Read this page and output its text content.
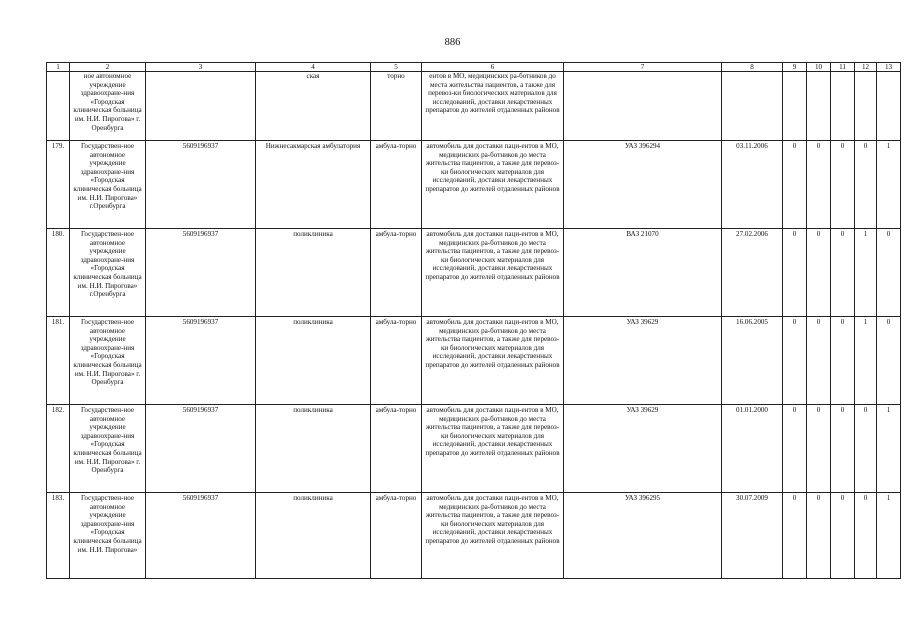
886
1	2	3	4	5	6	7	8	9	10	11	12	13
	ное автономное учреждение здравоохране-ния «Городская клиническая больница им. Н.И. Пирогова» г. Оренбурга		ская	торно	ентов в МО, медицинских ра-ботников до места жительства пациентов, а также для перевоз-ки биологических материалов для исследований, доставки лекарственных препаратов до жителей отдаленных районов							
179.	Государствен-ное автономное учреждение здравоохране-ния «Городская клиническая больница им. Н.И. Пирогова» г.Оренбурга	5609196937	Нижнесакмарская амбулатория	амбула-торно	автомобиль для доставки паци-ентов в МО, медицинских ра-ботников до места жительства пациентов, а также для перевоз-ки биологических материалов для исследований, доставки лекарственных препаратов до жителей отдаленных районов	УАЗ 396294	03.11.2006	0	0	0	0	1
180.	Государствен-ное автономное учреждение здравоохране-ния «Городская клиническая больница им. Н.И. Пирогова» г.Оренбурга	5609196937	поликлиника	амбула-торно	автомобиль для доставки паци-ентов в МО, медицинских ра-ботников до места жительства пациентов, а также для перевоз-ки биологических материалов для исследований, доставки лекарственных препаратов до жителей отдаленных районов	ВАЗ 21070	27.02.2006	0	0	0	1	0
181.	Государствен-ное автономное учреждение здравоохране-ния «Городская клиническая больница им. Н.И. Пирогова» г. Оренбурга	5609196937	поликлиника	амбула-торно	автомобиль для доставки паци-ентов в МО, медицинских ра-ботников до места жительства пациентов, а также для перевоз-ки биологических материалов для исследований, доставки лекарственных препаратов до жителей отдаленных районов	УАЗ 39629	16.06.2005	0	0	0	1	0
182.	Государствен-ное автономное учреждение здравоохране-ния «Городская клиническая больница им. Н.И. Пирогова» г. Оренбурга	5609196937	поликлиника	амбула-торно	автомобиль для доставки паци-ентов в МО, медицинских ра-ботников до места жительства пациентов, а также для перевоз-ки биологических материалов для исследований, доставки лекарственных препаратов до жителей отдаленных районов	УАЗ 39629	01.01.2000	0	0	0	0	1
183.	Государствен-ное автономное учреждение здравоохране-ния «Городская клиническая больница им. Н.И. Пирогова»	5609196937	поликлиника	амбула-торно	автомобиль для доставки паци-ентов в МО, медицинских ра-ботников до места жительства пациентов, а также для перевоз-ки биологических материалов для исследований, доставки лекарственных препаратов до жителей отдаленных районов	УАЗ 396295	30.07.2009	0	0	0	0	1
